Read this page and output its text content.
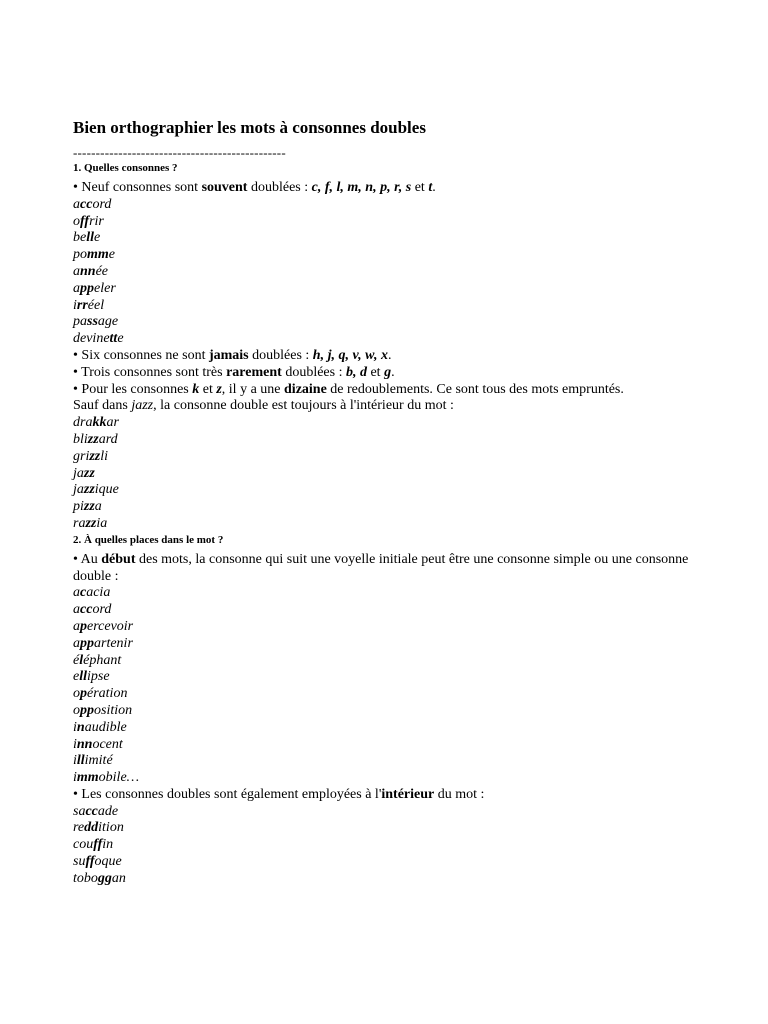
Bien orthographier les mots à consonnes doubles
-----------------------------------------------
1. Quelles consonnes ?
• Neuf consonnes sont souvent doublées : c, f, l, m, n, p, r, s et t.
accord
offrir
belle
pomme
année
appeler
irréel
passage
devinette
• Six consonnes ne sont jamais doublées : h, j, q, v, w, x.
• Trois consonnes sont très rarement doublées : b, d et g.
• Pour les consonnes k et z, il y a une dizaine de redoublements. Ce sont tous des mots empruntés.
Sauf dans jazz, la consonne double est toujours à l'intérieur du mot :
drakkar
blizzard
grizzli
jazz
jazzique
pizza
razzia
2. À quelles places dans le mot ?
• Au début des mots, la consonne qui suit une voyelle initiale peut être une consonne simple ou une consonne double :
acacia
accord
apercevoir
appartenir
éléphant
ellipse
opération
opposition
inaudible
innocent
illimité
immobile…
• Les consonnes doubles sont également employées à l'intérieur du mot :
saccade
reddition
couffin
suffoque
toboggan
